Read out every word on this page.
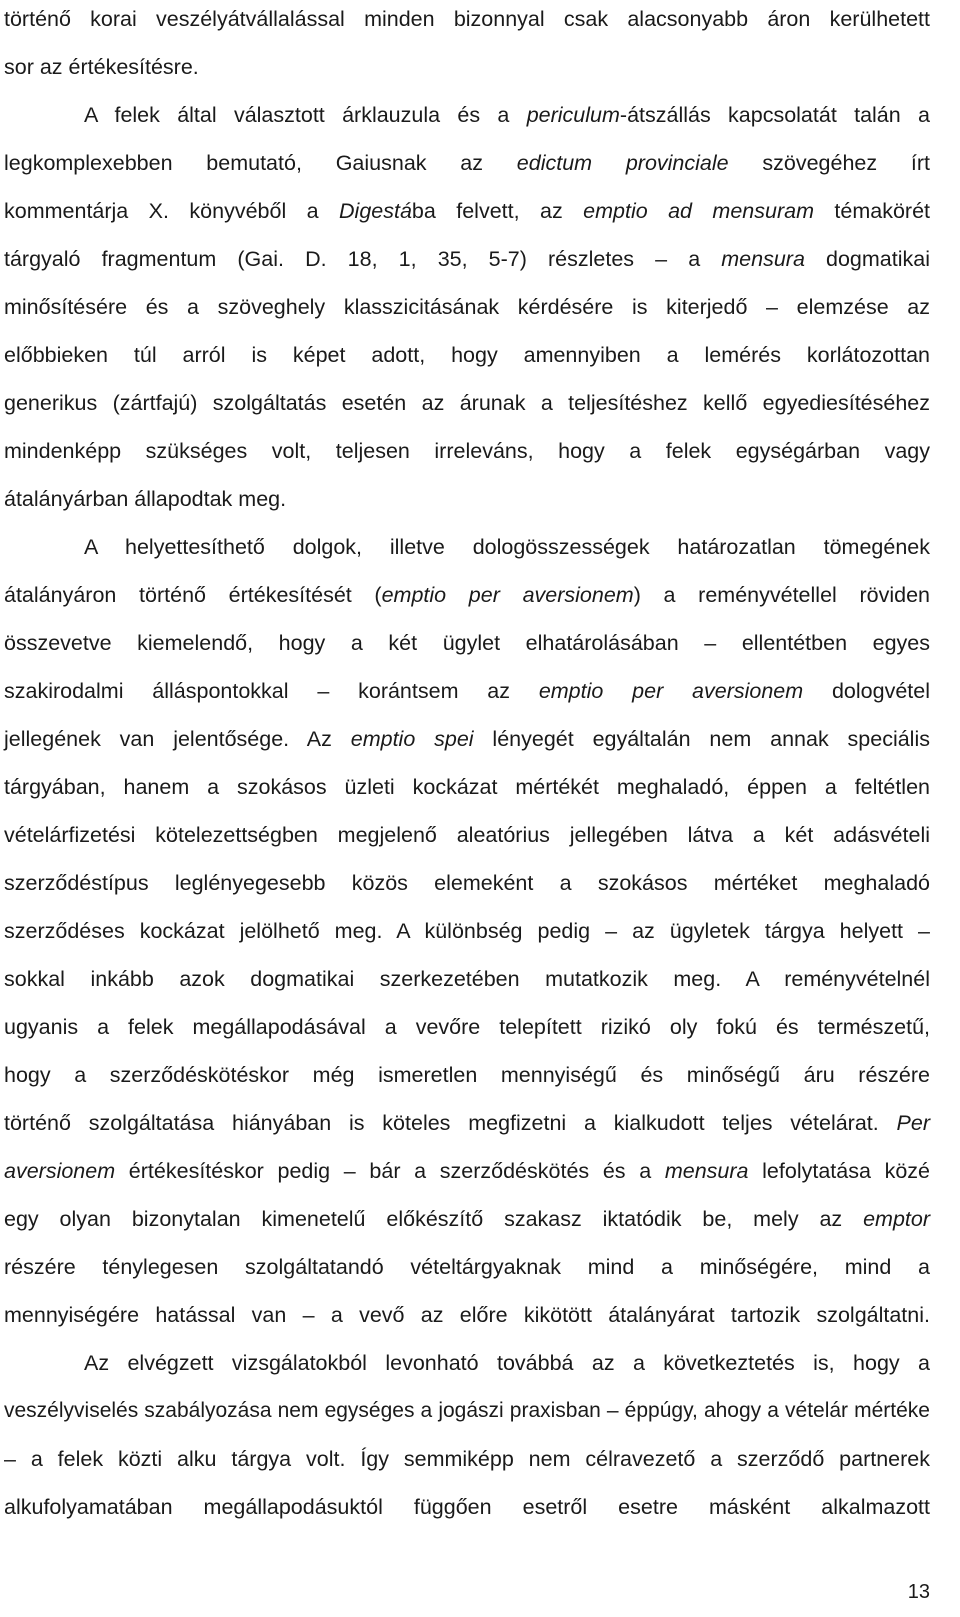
történő korai veszélyátvállalással minden bizonnyal csak alacsonyabb áron kerülhetett
sor az értékesítésre.
A felek által választott árklauzula és a periculum-átszállás kapcsolatát talán a
legkomplexebben bemutató, Gaiusnak az edictum provinciale szövegéhez írt
kommentárja X. könyvéből a Digestába felvett, az emptio ad mensuram témakörét
tárgyaló fragmentum (Gai. D. 18, 1, 35, 5-7) részletes – a mensura dogmatikai
minősítésére és a szöveghely klasszicitásának kérdésére is kiterjedő – elemzése az
előbbieken túl arról is képet adott, hogy amennyiben a lemérés korlátozottan
generikus (zártfajú) szolgáltatás esetén az árunak a teljesítéshez kellő egyediesítéséhez
mindenképp szükséges volt, teljesen irreleváns, hogy a felek egységárban vagy
átalányárban állapodtak meg.
A helyettesíthető dolgok, illetve dologösszességek határozatlan tömegének
átalányáron történő értékesítését (emptio per aversionem) a reményvétellel röviden
összevetve kiemelendő, hogy a két ügylet elhatárolásában – ellentétben egyes
szakirodalmi álláspontokkal – korántsem az emptio per aversionem dologvétel
jellegének van jelentősége. Az emptio spei lényegét egyáltalán nem annak speciális
tárgyában, hanem a szokásos üzleti kockázat mértékét meghaladó, éppen a feltétlen
vételárfizetési kötelezettségben megjelenő aleatórius jellegében látva a két adásvételi
szerződéstípus leglényegesebb közös elemeként a szokásos mértéket meghaladó
szerződéses kockázat jelölhető meg. A különbség pedig – az ügyletek tárgya helyett –
sokkal inkább azok dogmatikai szerkezetében mutatkozik meg. A reményvételnél
ugyanis a felek megállapodásával a vevőre telepített rizikó oly fokú és természetű,
hogy a szerződéskötéskor még ismeretlen mennyiségű és minőségű áru részére
történő szolgáltatása hiányában is köteles megfizetni a kialkudott teljes vételárat. Per
aversionem értékesítéskor pedig – bár a szerződéskötés és a mensura lefolytatása közé
egy olyan bizonytalan kimenetelű előkészítő szakasz iktatódik be, mely az emptor
részére ténylegesen szolgáltatandó vételtárgyaknak mind a minőségére, mind a
mennyiségére hatással van – a vevő az előre kikötött átalányárat tartozik szolgáltatni.
Az elvégzett vizsgálatokból levonható továbbá az a következtetés is, hogy a
veszélyviselés szabályozása nem egységes a jogászi praxisban – éppúgy, ahogy a vételár mértéke
– a felek közti alku tárgya volt. Így semmiképp nem célravezető a szerződő partnerek
alkufolyamatában megállapodásuktól függően esetről esetre másként alkalmazott
13
